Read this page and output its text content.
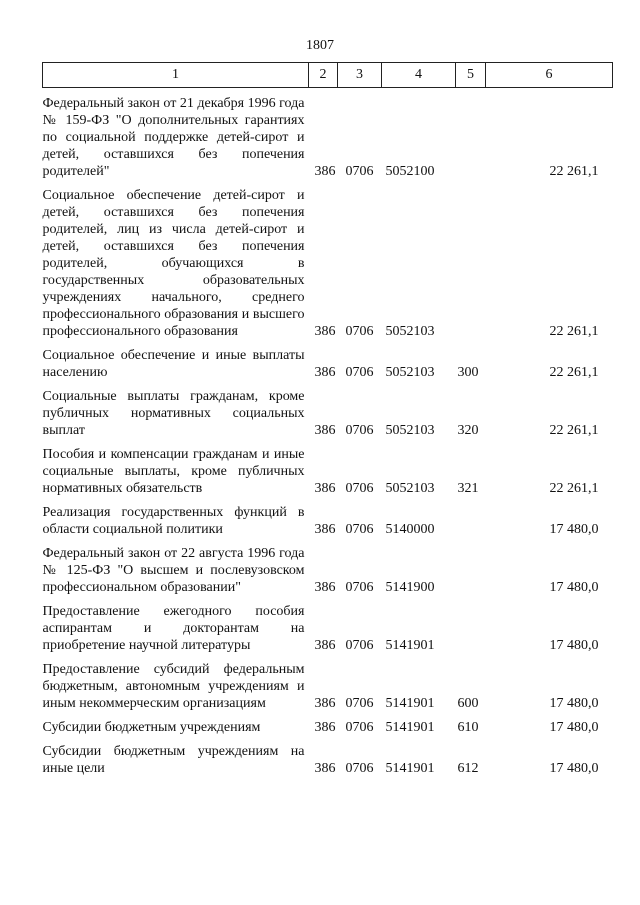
1807
1	2	3	4	5	6
Федеральный закон от 21 декабря 1996 года № 159-ФЗ "О дополнительных гарантиях по социальной поддержке детей-сирот и детей, оставшихся без попечения родителей"	386	0706	5052100		22 261,1
Социальное обеспечение детей-сирот и детей, оставшихся без попечения родителей, лиц из числа детей-сирот и детей, оставшихся без попечения родителей, обучающихся в государственных образовательных учреждениях начального, среднего профессионального образования и высшего профессионального образования	386	0706	5052103		22 261,1
Социальное обеспечение и иные выплаты населению	386	0706	5052103	300	22 261,1
Социальные выплаты гражданам, кроме публичных нормативных социальных выплат	386	0706	5052103	320	22 261,1
Пособия и компенсации гражданам и иные социальные выплаты, кроме публичных нормативных обязательств	386	0706	5052103	321	22 261,1
Реализация государственных функций в области социальной политики	386	0706	5140000		17 480,0
Федеральный закон от 22 августа 1996 года № 125-ФЗ "О высшем и послевузовском профессиональном образовании"	386	0706	5141900		17 480,0
Предоставление ежегодного пособия аспирантам и докторантам на приобретение научной литературы	386	0706	5141901		17 480,0
Предоставление субсидий федеральным бюджетным, автономным учреждениям и иным некоммерческим организациям	386	0706	5141901	600	17 480,0
Субсидии бюджетным учреждениям	386	0706	5141901	610	17 480,0
Субсидии бюджетным учреждениям на иные цели	386	0706	5141901	612	17 480,0
